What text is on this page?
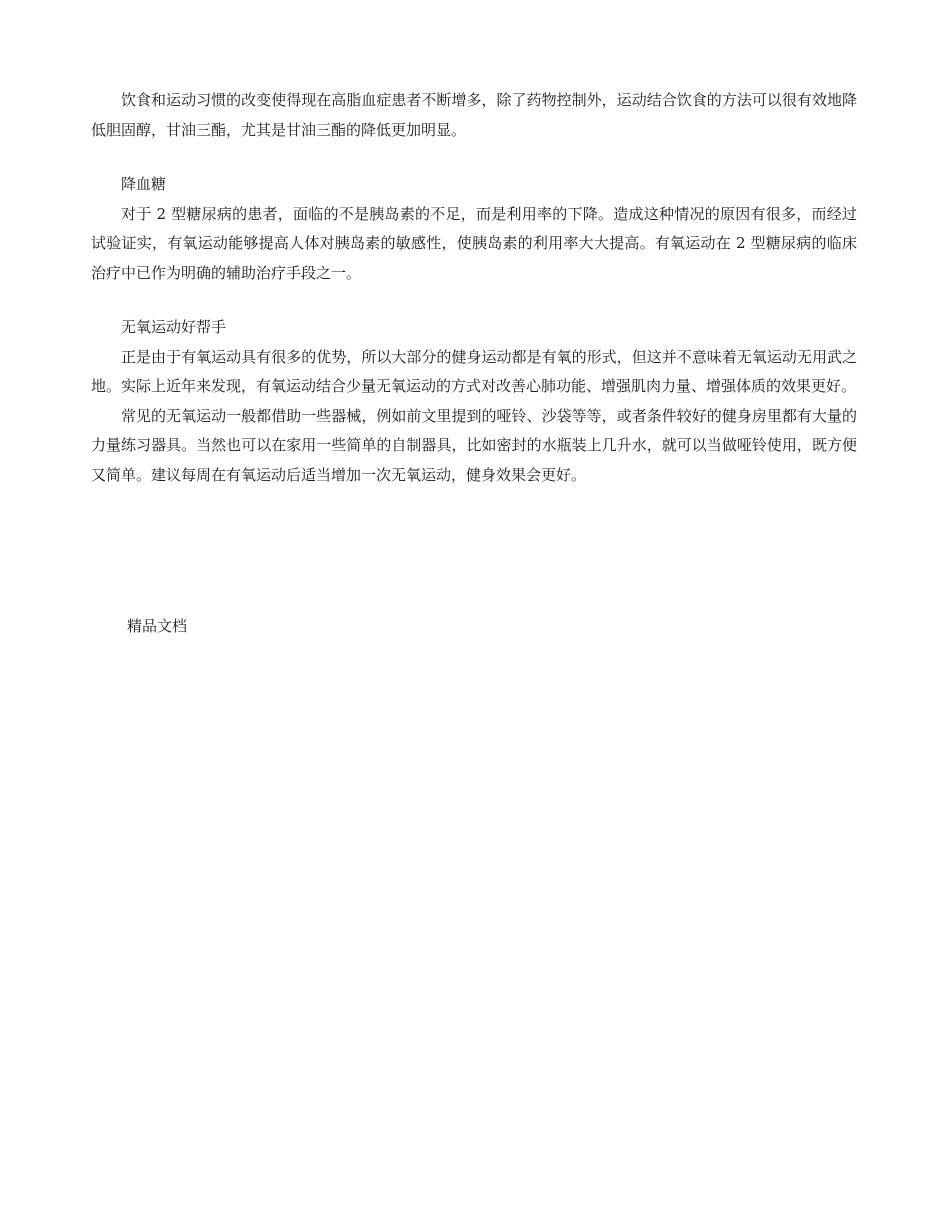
饮食和运动习惯的改变使得现在高脂血症患者不断增多，除了药物控制外，运动结合饮食的方法可以很有效地降低胆固醇，甘油三酯，尤其是甘油三酯的降低更加明显。

降血糖

对于 2 型糖尿病的患者，面临的不是胰岛素的不足，而是利用率的下降。造成这种情况的原因有很多，而经过试验证实，有氧运动能够提高人体对胰岛素的敏感性，使胰岛素的利用率大大提高。有氧运动在 2 型糖尿病的临床治疗中已作为明确的辅助治疗手段之一。

无氧运动好帮手

正是由于有氧运动具有很多的优势，所以大部分的健身运动都是有氧的形式，但这并不意味着无氧运动无用武之地。实际上近年来发现，有氧运动结合少量无氧运动的方式对改善心肺功能、增强肌肉力量、增强体质的效果更好。

常见的无氧运动一般都借助一些器械，例如前文里提到的哑铃、沙袋等等，或者条件较好的健身房里都有大量的力量练习器具。当然也可以在家用一些简单的自制器具，比如密封的水瓶装上几升水，就可以当做哑铃使用，既方便又简单。建议每周在有氧运动后适当增加一次无氧运动，健身效果会更好。

精品文档
